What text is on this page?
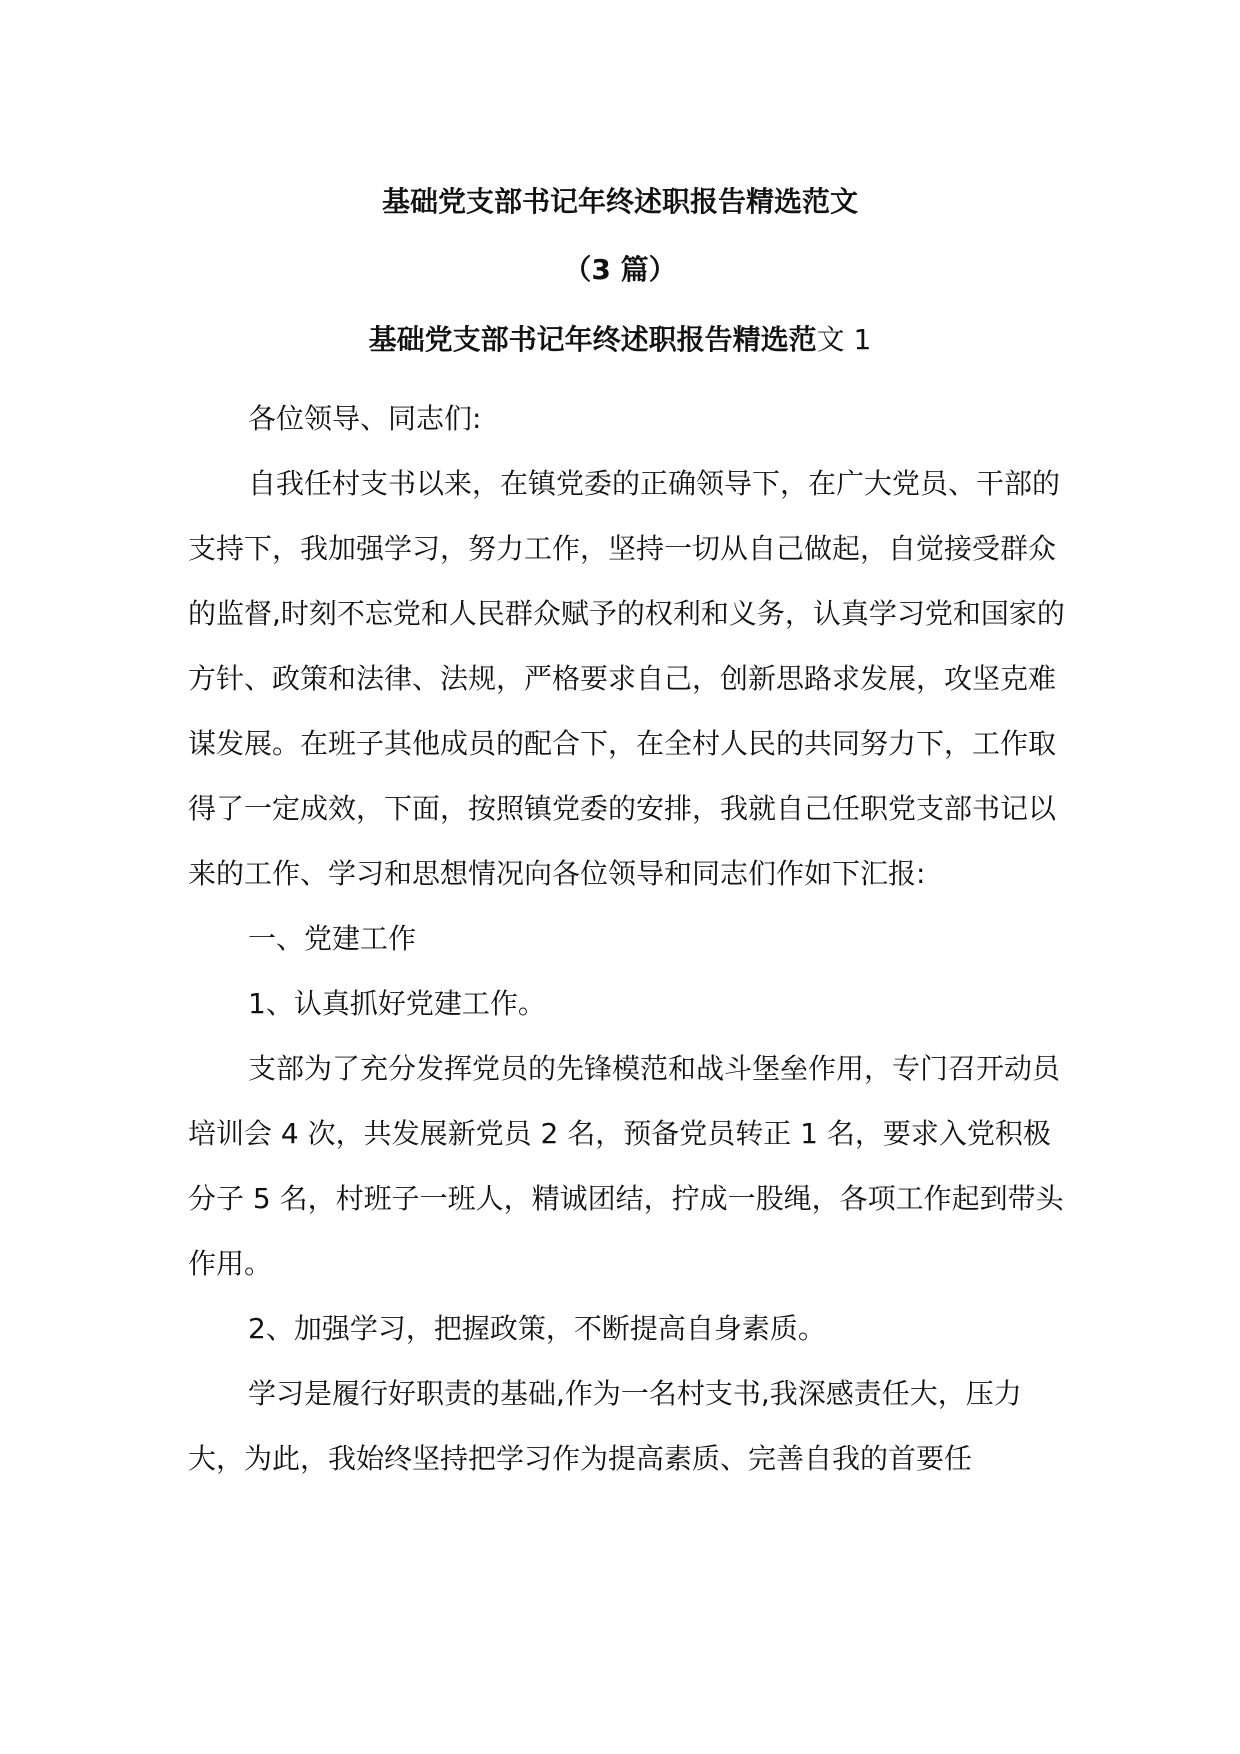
基础党支部书记年终述职报告精选范文
（3 篇）
基础党支部书记年终述职报告精选范文 1

各位领导、同志们:

自我任村支书以来，在镇党委的正确领导下，在广大党员、干部的支持下，我加强学习，努力工作，坚持一切从自己做起，自觉接受群众的监督,时刻不忘党和人民群众赋予的权利和义务，认真学习党和国家的方针、政策和法律、法规，严格要求自己，创新思路求发展，攻坚克难谋发展。在班子其他成员的配合下，在全村人民的共同努力下，工作取得了一定成效，下面，按照镇党委的安排，我就自己任职党支部书记以来的工作、学习和思想情况向各位领导和同志们作如下汇报:

一、党建工作

1、认真抓好党建工作。

支部为了充分发挥党员的先锋模范和战斗堡垒作用，专门召开动员培训会 4 次，共发展新党员 2 名，预备党员转正 1 名，要求入党积极分子 5 名，村班子一班人，精诚团结，拧成一股绳，各项工作起到带头作用。

2、加强学习，把握政策，不断提高自身素质。

学习是履行好职责的基础,作为一名村支书,我深感责任大，压力大，为此，我始终坚持把学习作为提高素质、完善自我的首要任
